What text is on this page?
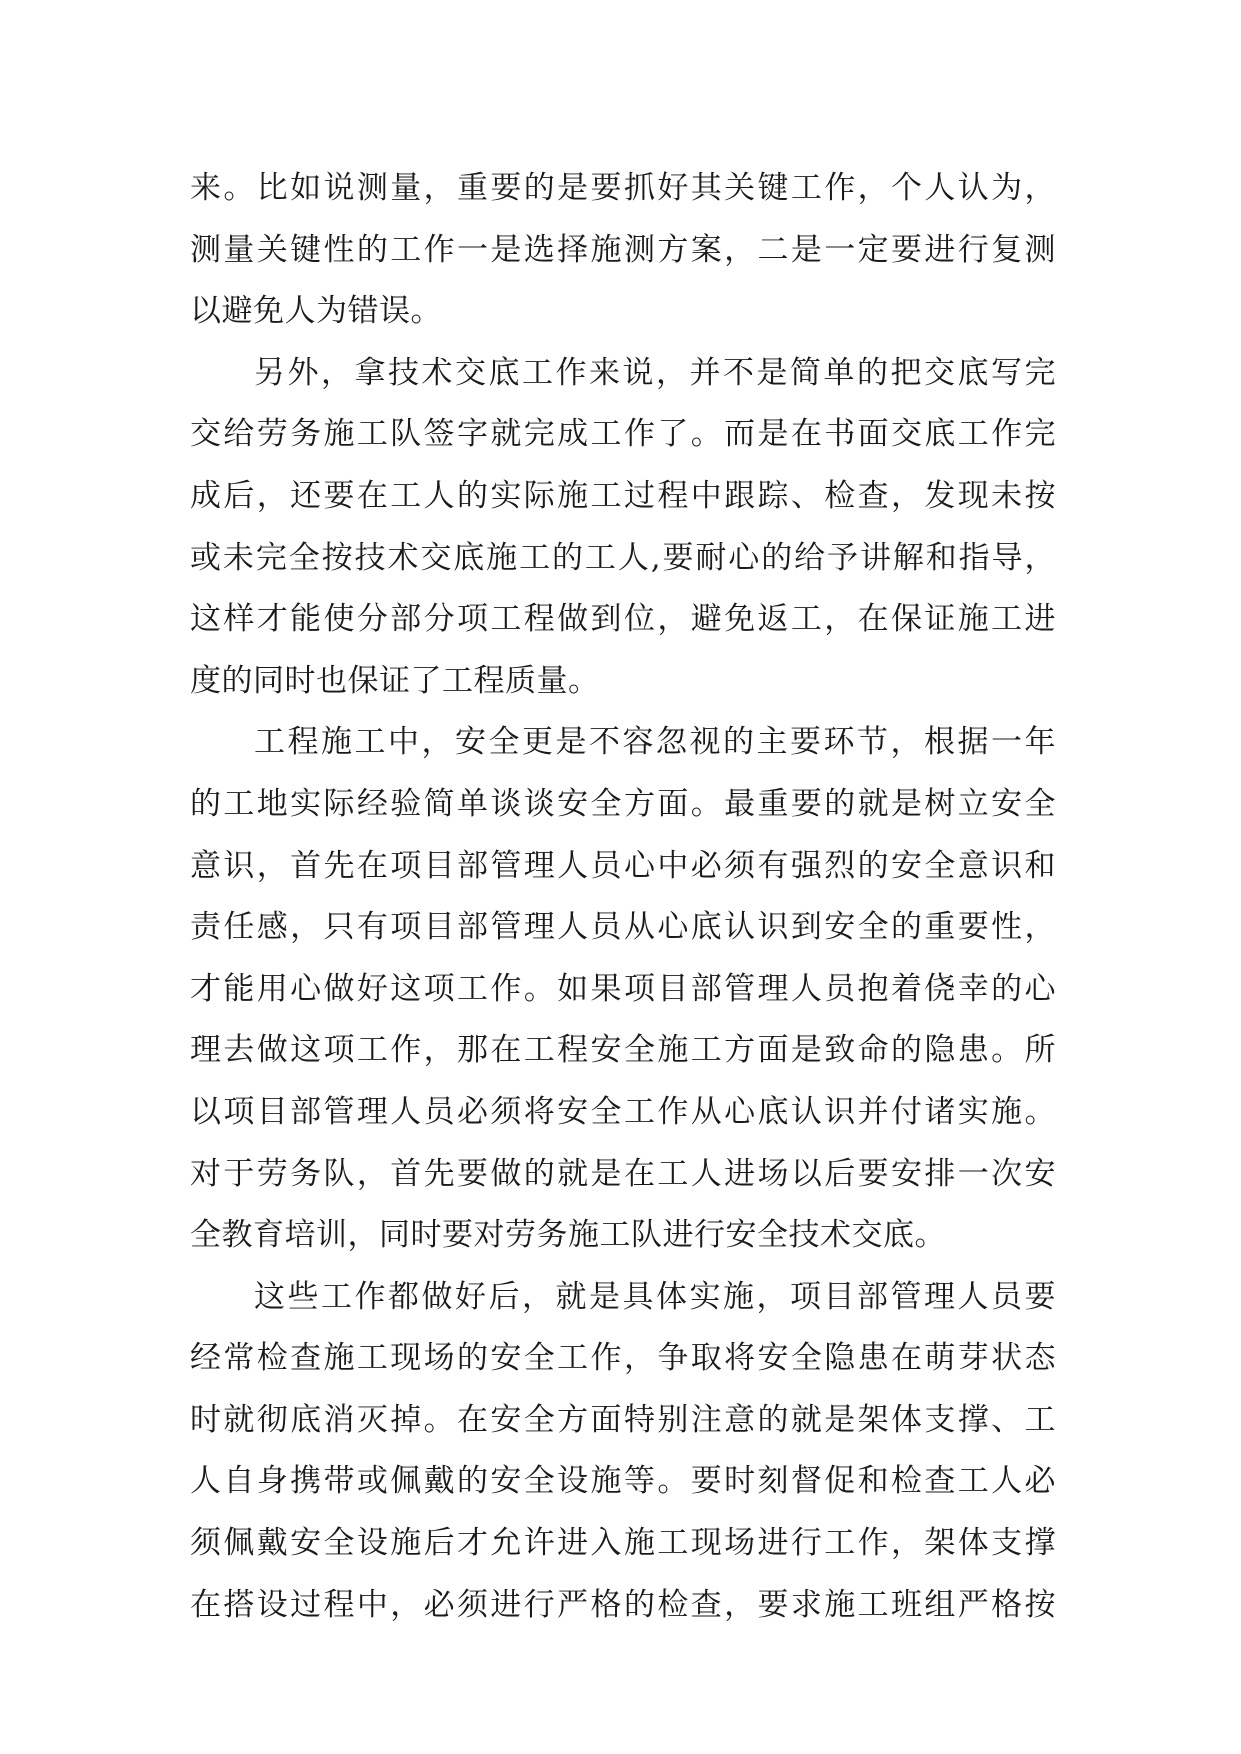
来。比如说测量，重要的是要抓好其关键工作，个人认为，
测量关键性的工作一是选择施测方案，二是一定要进行复测
以避免人为错误。
另外，拿技术交底工作来说，并不是简单的把交底写完
交给劳务施工队签字就完成工作了。而是在书面交底工作完
成后，还要在工人的实际施工过程中跟踪、检查，发现未按
或未完全按技术交底施工的工人,要耐心的给予讲解和指导，
这样才能使分部分项工程做到位，避免返工，在保证施工进
度的同时也保证了工程质量。
工程施工中，安全更是不容忽视的主要环节，根据一年
的工地实际经验简单谈谈安全方面。最重要的就是树立安全
意识，首先在项目部管理人员心中必须有强烈的安全意识和
责任感，只有项目部管理人员从心底认识到安全的重要性，
才能用心做好这项工作。如果项目部管理人员抱着侥幸的心
理去做这项工作，那在工程安全施工方面是致命的隐患。所
以项目部管理人员必须将安全工作从心底认识并付诸实施。
对于劳务队，首先要做的就是在工人进场以后要安排一次安
全教育培训，同时要对劳务施工队进行安全技术交底。
这些工作都做好后，就是具体实施，项目部管理人员要
经常检查施工现场的安全工作，争取将安全隐患在萌芽状态
时就彻底消灭掉。在安全方面特别注意的就是架体支撑、工
人自身携带或佩戴的安全设施等。要时刻督促和检查工人必
须佩戴安全设施后才允许进入施工现场进行工作，架体支撑
在搭设过程中，必须进行严格的检查，要求施工班组严格按
